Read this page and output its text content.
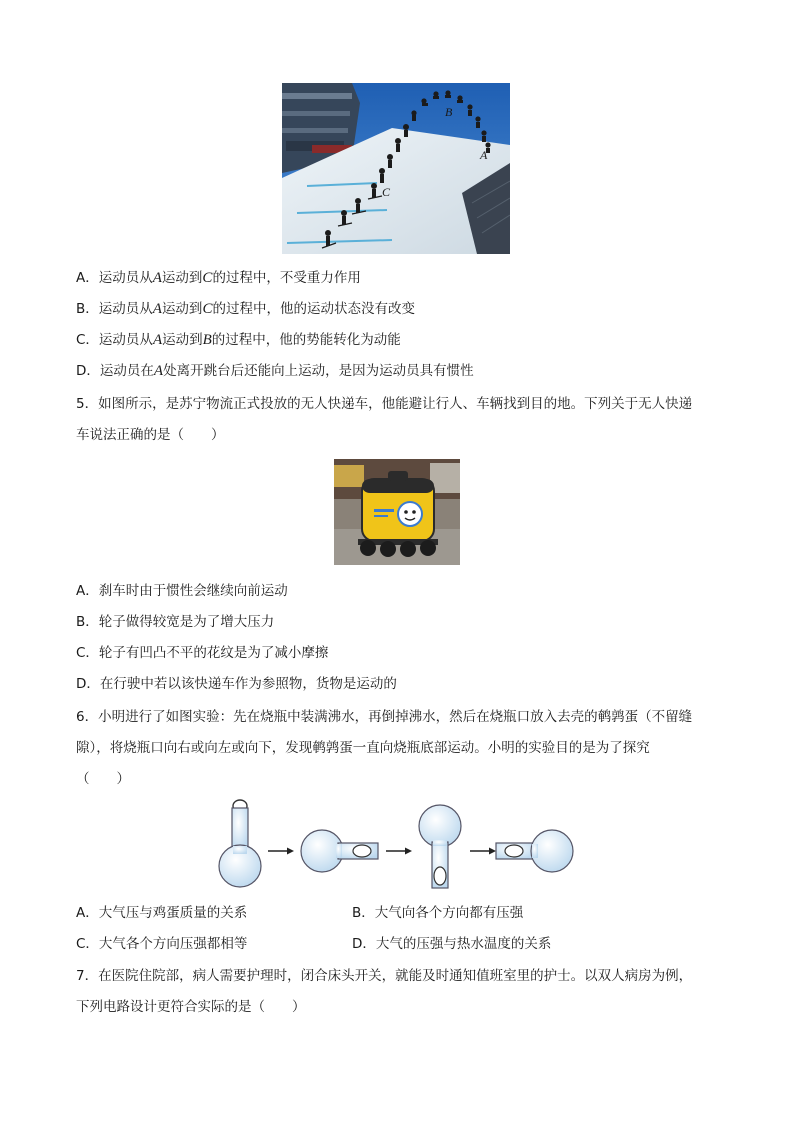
B
A
C
A．运动员从A运动到C的过程中，不受重力作用
B．运动员从A运动到C的过程中，他的运动状态没有改变
C．运动员从A运动到B的过程中，他的势能转化为动能
D．运动员在A处离开跳台后还能向上运动，是因为运动员具有惯性
5．如图所示，是苏宁物流正式投放的无人快递车，他能避让行人、车辆找到目的地。下列关于无人快递
车说法正确的是（　　）
A．刹车时由于惯性会继续向前运动
B．轮子做得较宽是为了增大压力
C．轮子有凹凸不平的花纹是为了减小摩擦
D．在行驶中若以该快递车作为参照物，货物是运动的
6．小明进行了如图实验：先在烧瓶中装满沸水，再倒掉沸水，然后在烧瓶口放入去壳的鹌鹑蛋（不留缝
隙），将烧瓶口向右或向左或向下，发现鹌鹑蛋一直向烧瓶底部运动。小明的实验目的是为了探究
（　　）
A．大气压与鸡蛋质量的关系	B．大气向各个方向都有压强
C．大气各个方向压强都相等	D．大气的压强与热水温度的关系
7．在医院住院部，病人需要护理时，闭合床头开关，就能及时通知值班室里的护士。以双人病房为例，
下列电路设计更符合实际的是（　　）
